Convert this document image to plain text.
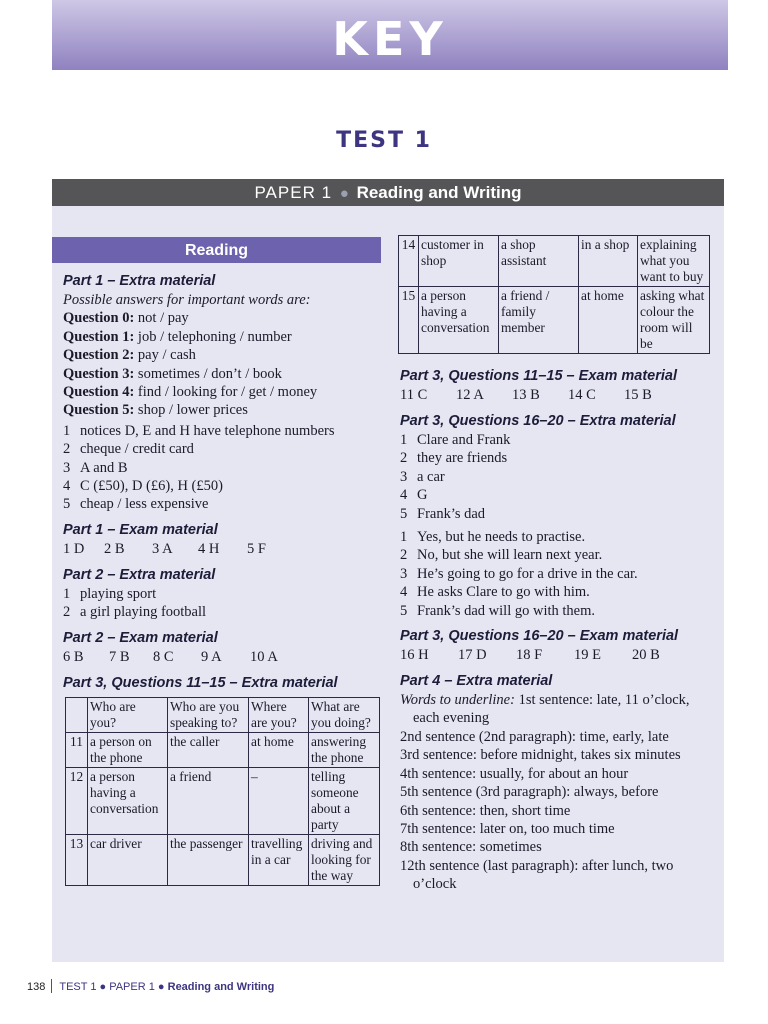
KEY
TEST 1
PAPER 1 ● Reading and Writing
Reading
Part 1 – Extra material
Possible answers for important words are:
Question 0: not / pay
Question 1: job / telephoning / number
Question 2: pay / cash
Question 3: sometimes / don’t / book
Question 4: find / looking for / get / money
Question 5: shop / lower prices
1 notices D, E and H have telephone numbers
2 cheque / credit card
3 A and B
4 C (£50), D (£6), H (£50)
5 cheap / less expensive
Part 1 – Exam material
1 D 2 B 3 A 4 H 5 F
Part 2 – Extra material
1 playing sport
2 a girl playing football
Part 2 – Exam material
6 B 7 B 8 C 9 A 10 A
Part 3, Questions 11–15 – Extra material
	Who are you?	Who are you speaking to?	Where are you?	What are you doing?
11	a person on the phone	the caller	at home	answering the phone
12	a person having a conversation	a friend	–	telling someone about a party
13	car driver	the passenger	travelling in a car	driving and looking for the way
14	customer in shop	a shop assistant	in a shop	explaining what you want to buy
15	a person having a conversation	a friend / family member	at home	asking what colour the room will be
Part 3, Questions 11–15 – Exam material
11 C 12 A 13 B 14 C 15 B
Part 3, Questions 16–20 – Extra material
1 Clare and Frank
2 they are friends
3 a car
4 G
5 Frank’s dad
1 Yes, but he needs to practise.
2 No, but she will learn next year.
3 He’s going to go for a drive in the car.
4 He asks Clare to go with him.
5 Frank’s dad will go with them.
Part 3, Questions 16–20 – Exam material
16 H 17 D 18 F 19 E 20 B
Part 4 – Extra material
Words to underline: 1st sentence: late, 11 o’clock, each evening
2nd sentence (2nd paragraph): time, early, late
3rd sentence: before midnight, takes six minutes
4th sentence: usually, for about an hour
5th sentence (3rd paragraph): always, before
6th sentence: then, short time
7th sentence: later on, too much time
8th sentence: sometimes
12th sentence (last paragraph): after lunch, two o’clock
138 TEST 1 ● PAPER 1 ● Reading and Writing
